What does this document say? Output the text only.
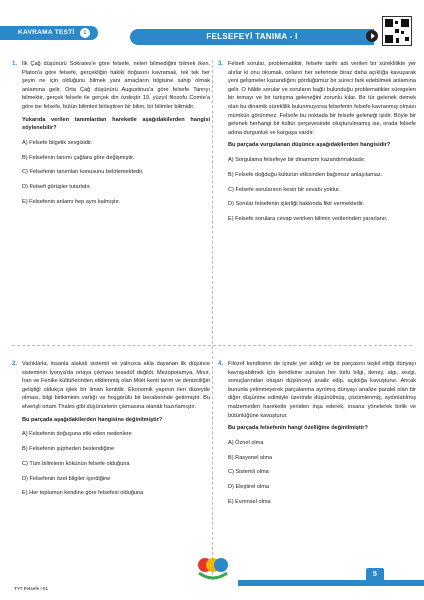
KAVRAMA TESTİ	1	FELSEFEYİ TANIMA - I
1. İlk Çağ düşünürü Sokrates'e göre felsefe, neleri bilmediğini bilmek iken, Platon'a göre felsefe, gerçekliğin hakiki doğasını kavramak, tek tek her şeyin ne için olduğunu bilmek yani amaçların bilgisine sahip olmak anlamına gelir. Orta Çağ düşünürü Augustinus'a göre felsefe Tanrıyı bilmektir, gerçek felsefe ile gerçek din özdeştir 19. yüzyıl filozofu Comte'a göre ise felsefe, bütün bilimleri birleştiren bir bilim, bir bilimler bilimidir.

Yukarıda verilen tanımlardan hareketle aşağıdakilerden hangisi söylenebilir?

A) Felsefe bilgelik sevgisidir.

B) Felsefenin tanımı çağlara göre değişmiştir.

C) Felsefenin tanımları konusunu belirlemektedir.

D) Felsefi görüşler tutarlıdır.

E) Felsefenin anlamı hep aynı kalmıştır.

3. Felsefi sorular, problematiktir, felsefe tarihi adı verilen bir süreklilikte yer alırlar ki onu okumak, onların her seferinde biraz daha açıklığa kavuşarak yeni gelişmeler kazandığını gördüğümüz bir süreci fark edebilmek anlamına gelir. O hâlde sorular ve soruların bağlı bulunduğu problematikler süregelen bir temayı ve bir tartışma geleneğini zorunlu kılar. Bir tür gelenek demek olan bu dinamik süreklilik bulunmuyorsa felsefenin felsefe kavranmış olması mümkün görünmez. Felsefe bu noktada bir felsefe geleneği işidir. Böyle bir gelenek herhangi bir kültür çerçevesinde oluşturulmamış ise, orada felsefe adına durgunluk ve kargaşa vardır.

Bu parçada vurgulanan düşünce aşağıdakilerden hangisidir?

A) Sorgulama felsefeye bir dinamizm kazandırmaktadır.

B) Felsefe doğduğu kültürün etkisinden bağımsız anlaşılamaz.

C) Felsefe sorularının kesin bir cevabı yoktur.

D) Sorular felsefenin işlerliği hakkında fikir vermektedir.

E) Felsefe sorulara cevap verirken bilimin verilerinden yararlanır.

2. Varlıklarla, insanla alakalı sistemli ve yalnızca akla dayanan ilk düşünce sisteminin İyonya'da ortaya çıkması tesadüf değildi. Mezopotamya, Mısır, İran ve Fenike kültürlerinden etkilenmiş olan Milet kenti tarım ve denizciliğin geliştiği oldukça işlek bir liman kentidir. Ekonomik yapının ileri düzeyde olması, bilgi birikiminin varlığı ve hoşgörülü bir beraberinde getirmiştir. Bu elverişli ortam Thales gibi düşünürlerin çıkmasına olanak hazırlamıştır.

Bu parçada aşağıdakilerden hangisine değinilmiştir?

A) Felsefenin doğuşuna etki eden nedenlere

B) Felsefenin şüpheden beslendiğine

C) Tüm bilimlerin kökünün felsefe olduğuna

D) Felsefenin özel bilgiler içerdiğine

E) Her toplumun kendine göre felsefesi olduğuna

4. Filozof kendisinin de içinde yer aldığı ve bir parçasını teşkil ettiği dünyayı kavrayabilmek için kendisine sunulan her türlü bilgi, deney, algı, sezgi, sonuçlarından oluşan düşünceyi analiz edip, açıklığa kavuşturur. Ancak bununla yetinmeyerek parçalanma ayrılmış dünyayı analize paralel olan bir diğer düşünme edimiyle üzerinde düşünülmüş, çözümlenmiş, aydınlatılmış malzemeden hareketle yeniden inşa ederek, insana yönelerek birlik ve bütünlüğüne kavuşturur.

Bu parçada felsefenin hangi özelliğine değinilmiştir?

A) Öznel olma

B) Rasyonel olma

C) Sistemli olma

D) Eleştirel olma

E) Evrensel olma

TYT Felsefe / 01
5
